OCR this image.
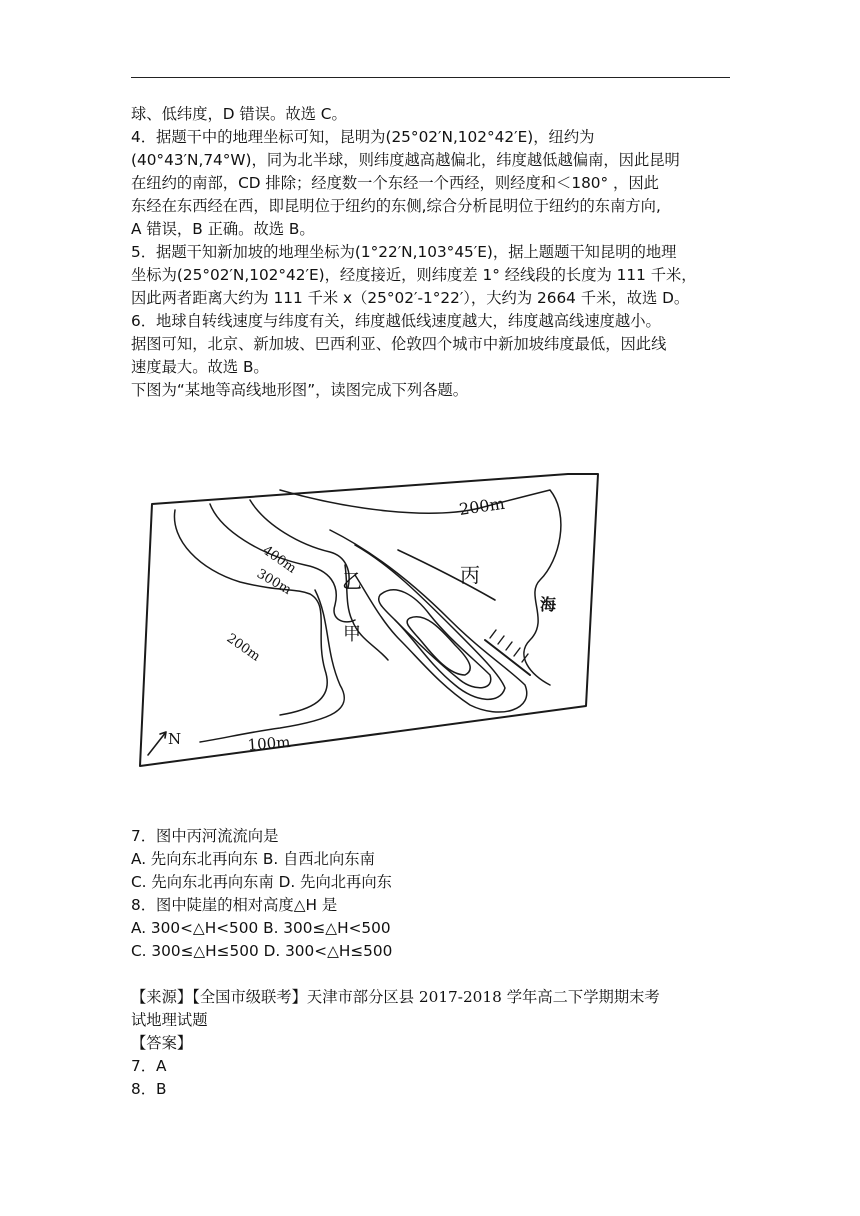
球、低纬度，D 错误。故选 C。
4．据题干中的地理坐标可知，昆明为(25°02′N,102°42′E)，纽约为
(40°43′N,74°W)，同为北半球，则纬度越高越偏北，纬度越低越偏南，因此昆明
在纽约的南部，CD 排除；经度数一个东经一个西经，则经度和＜180° ，因此
东经在东西经在西，即昆明位于纽约的东侧,综合分析昆明位于纽约的东南方向,
A 错误，B 正确。故选 B。
5．据题干知新加坡的地理坐标为(1°22′N,103°45′E)，据上题题干知昆明的地理
坐标为(25°02′N,102°42′E)，经度接近，则纬度差 1° 经线段的长度为 111 千米，
因此两者距离大约为 111 千米 x（25°02′-1°22′），大约为 2664 千米，故选 D。
6．地球自转线速度与纬度有关，纬度越低线速度越大，纬度越高线速度越小。
据图可知，北京、新加坡、巴西利亚、伦敦四个城市中新加坡纬度最低，因此线
速度最大。故选 B。
下图为“某地等高线地形图”，读图完成下列各题。
200m
400m
300m
200m
100m
乙
甲
丙
海
N
7．图中丙河流流向是
A. 先向东北再向东 B. 自西北向东南
C. 先向东北再向东南 D. 先向北再向东
8．图中陡崖的相对高度△H 是
A. 300<△H<500 B. 300≤△H<500
C. 300≤△H≤500 D. 300<△H≤500
【来源】【全国市级联考】天津市部分区县 2017-2018 学年高二下学期期末考
试地理试题
【答案】
7．A
8．B
